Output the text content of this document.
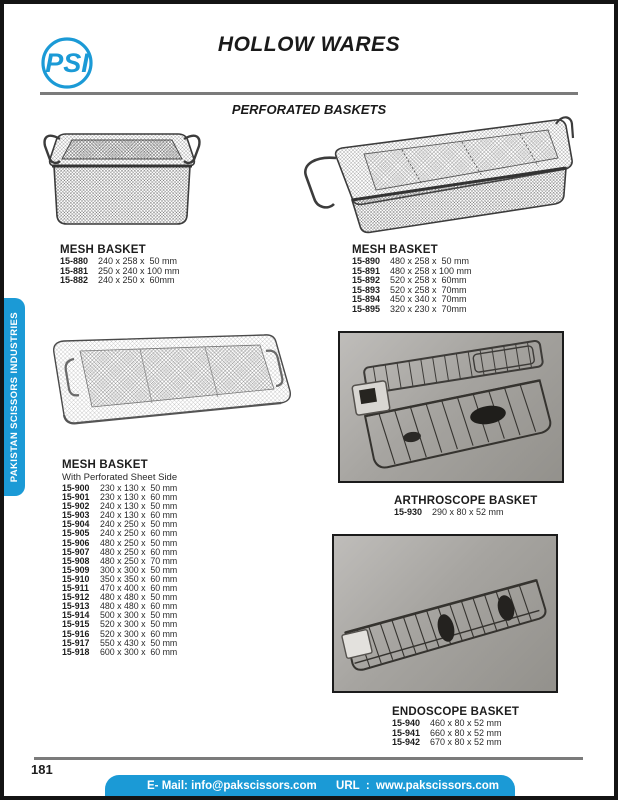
PSI
HOLLOW WARES
PERFORATED BASKETS
PAKISTAN SCISSORS INDUSTRIES
MESH BASKET
15-880	240 x 258 x  50 mm
15-881	250 x 240 x 100 mm
15-882	240 x 250 x  60mm
MESH BASKET
15-890	480 x 258 x  50 mm
15-891	480 x 258 x 100 mm
15-892	520 x 258 x  60mm
15-893	520 x 258 x  70mm
15-894	450 x 340 x  70mm
15-895	320 x 230 x  70mm
MESH BASKET
With Perforated Sheet Side
15-900	230 x 130 x  50 mm
15-901	230 x 130 x  60 mm
15-902	240 x 130 x  50 mm
15-903	240 x 130 x  60 mm
15-904	240 x 250 x  50 mm
15-905	240 x 250 x  60 mm
15-906	480 x 250 x  50 mm
15-907	480 x 250 x  60 mm
15-908	480 x 250 x  70 mm
15-909	300 x 300 x  50 mm
15-910	350 x 350 x  60 mm
15-911	470 x 400 x  60 mm
15-912	480 x 480 x  50 mm
15-913	480 x 480 x  60 mm
15-914	500 x 300 x  50 mm
15-915	520 x 300 x  50 mm
15-916	520 x 300 x  60 mm
15-917	550 x 430 x  50 mm
15-918	600 x 300 x  60 mm
ARTHROSCOPE BASKET
15-930	290 x 80 x 52 mm
ENDOSCOPE BASKET
15-940	460 x 80 x 52 mm
15-941	660 x 80 x 52 mm
15-942	670 x 80 x 52 mm
181
E- Mail: info@pakscissors.com URL  :  www.pakscissors.com
